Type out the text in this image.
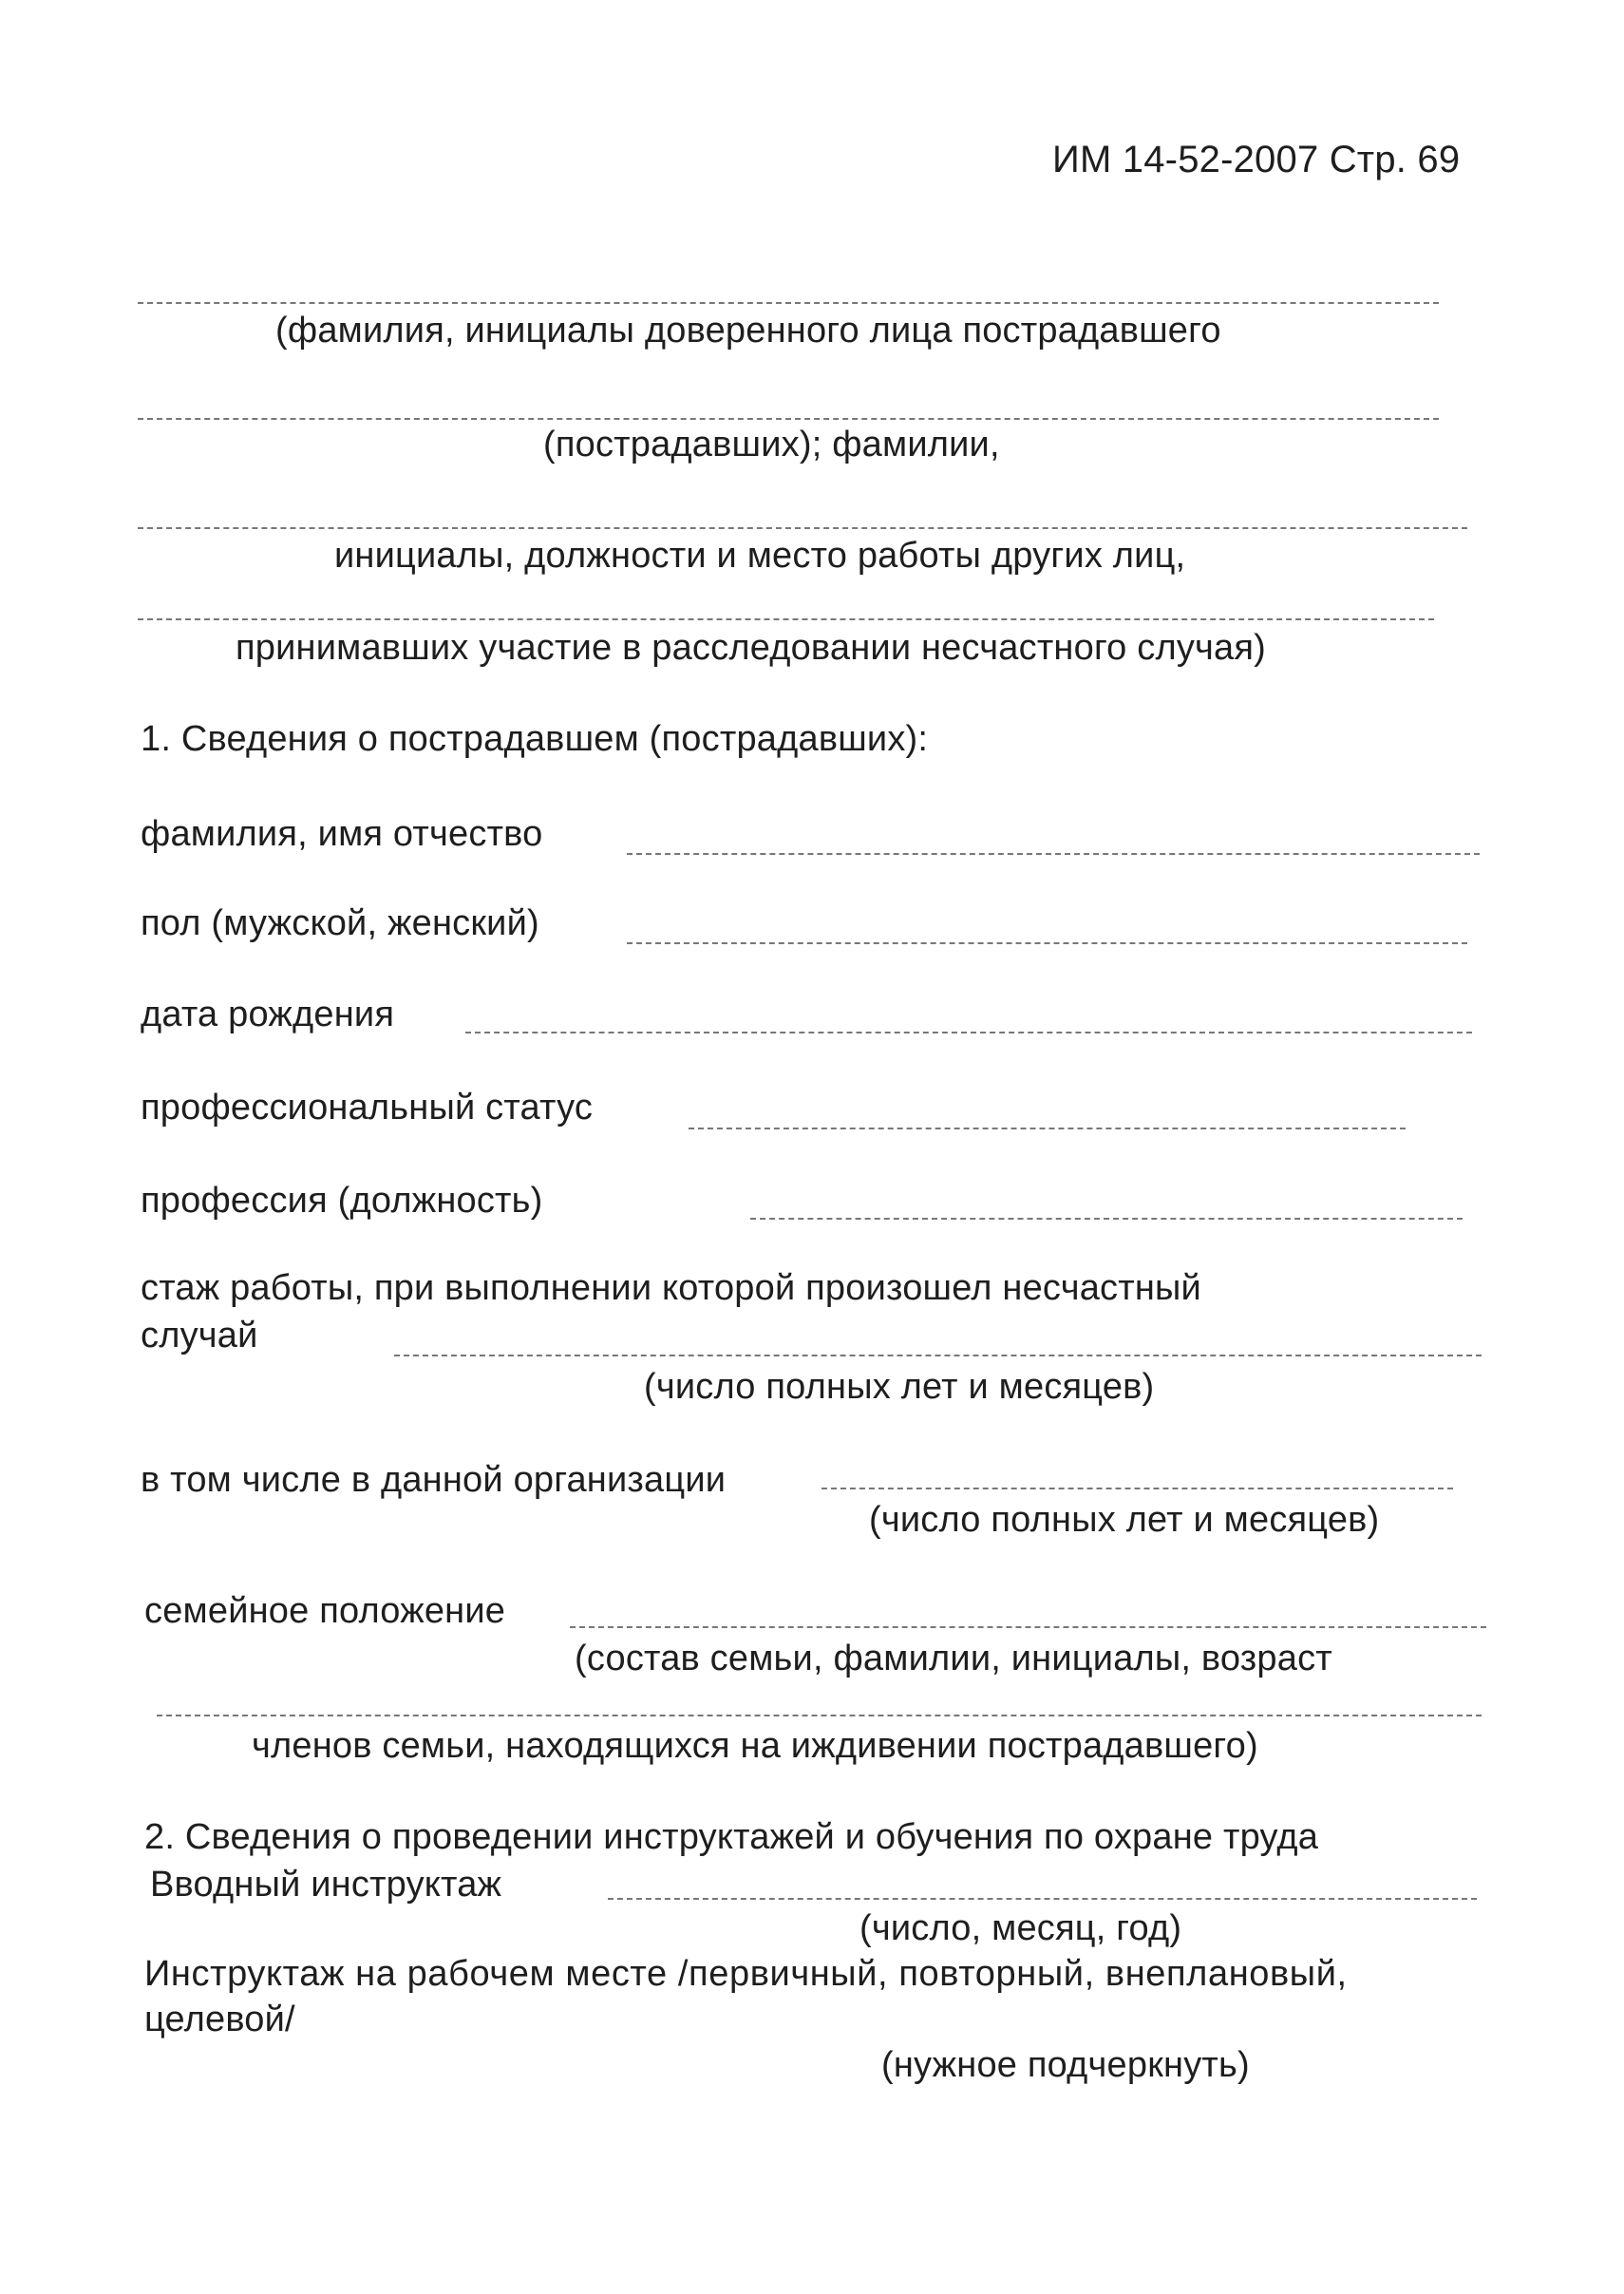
ИМ 14-52-2007 Стр. 69
(фамилия, инициалы доверенного лица пострадавшего
(пострадавших); фамилии,
инициалы, должности и место работы других лиц,
принимавших участие в расследовании несчастного случая)
1. Сведения о пострадавшем (пострадавших):
фамилия, имя отчество
пол (мужской, женский)
дата рождения
профессиональный статус
профессия (должность)
стаж работы, при выполнении которой произошел несчастный
случай
(число полных лет и месяцев)
в том числе в данной организации
(число полных лет и месяцев)
семейное положение
(состав семьи, фамилии, инициалы, возраст
членов семьи, находящихся на иждивении пострадавшего)
2. Сведения о проведении инструктажей и обучения по охране труда
Вводный инструктаж
(число, месяц, год)
Инструктаж на рабочем месте /первичный, повторный, внеплановый,
целевой/
(нужное подчеркнуть)
